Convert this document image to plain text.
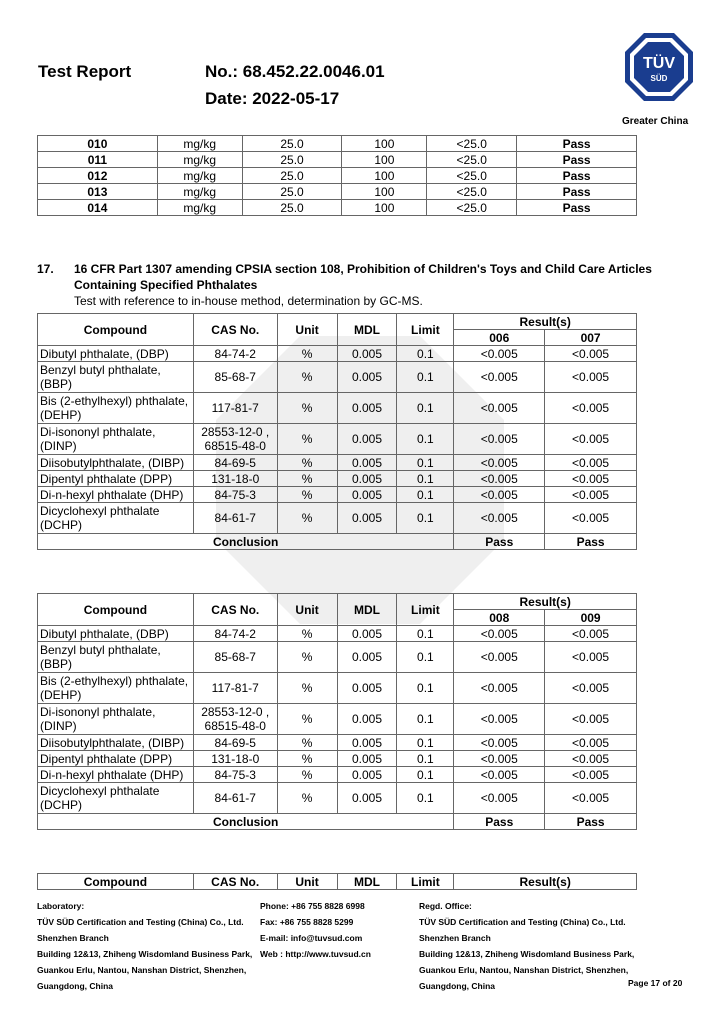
Test Report	No.: 68.452.22.0046.01
Date: 2022-05-17
TÜV
SÜD
Greater China
010	mg/kg	25.0	100	<25.0	Pass
011	mg/kg	25.0	100	<25.0	Pass
012	mg/kg	25.0	100	<25.0	Pass
013	mg/kg	25.0	100	<25.0	Pass
014	mg/kg	25.0	100	<25.0	Pass
17. 16 CFR Part 1307 amending CPSIA section 108, Prohibition of Children's Toys and Child Care Articles
Containing Specified Phthalates
Test with reference to in-house method, determination by GC-MS.
Compound	CAS No.	Unit	MDL	Limit	Result(s)	
					006	007
Dibutyl phthalate, (DBP)	84-74-2	%	0.005	0.1	<0.005	<0.005
Benzyl butyl phthalate,
(BBP)	85-68-7	%	0.005	0.1	<0.005	<0.005
Bis (2-ethylhexyl) phthalate,
(DEHP)	117-81-7	%	0.005	0.1	<0.005	<0.005
Di-isononyl phthalate,
(DINP)	28553-12-0 ,
68515-48-0	%	0.005	0.1	<0.005	<0.005
Diisobutylphthalate, (DIBP)	84-69-5	%	0.005	0.1	<0.005	<0.005
Dipentyl phthalate (DPP)	131-18-0	%	0.005	0.1	<0.005	<0.005
Di-n-hexyl phthalate (DHP)	84-75-3	%	0.005	0.1	<0.005	<0.005
Dicyclohexyl phthalate
(DCHP)	84-61-7	%	0.005	0.1	<0.005	<0.005
Conclusion					Pass	Pass
Compound	CAS No.	Unit	MDL	Limit	Result(s)	
					008	009
Dibutyl phthalate, (DBP)	84-74-2	%	0.005	0.1	<0.005	<0.005
Benzyl butyl phthalate,
(BBP)	85-68-7	%	0.005	0.1	<0.005	<0.005
Bis (2-ethylhexyl) phthalate,
(DEHP)	117-81-7	%	0.005	0.1	<0.005	<0.005
Di-isononyl phthalate,
(DINP)	28553-12-0 ,
68515-48-0	%	0.005	0.1	<0.005	<0.005
Diisobutylphthalate, (DIBP)	84-69-5	%	0.005	0.1	<0.005	<0.005
Dipentyl phthalate (DPP)	131-18-0	%	0.005	0.1	<0.005	<0.005
Di-n-hexyl phthalate (DHP)	84-75-3	%	0.005	0.1	<0.005	<0.005
Dicyclohexyl phthalate
(DCHP)	84-61-7	%	0.005	0.1	<0.005	<0.005
Conclusion					Pass	Pass
Compound	CAS No.	Unit	MDL	Limit	Result(s)
Laboratory:
TÜV SÜD Certification and Testing (China) Co., Ltd.
Shenzhen Branch
Building 12&13, Zhiheng Wisdomland Business Park,
Guankou Erlu, Nantou, Nanshan District, Shenzhen,
Guangdong, China
Phone: +86 755 8828 6998
Fax: +86 755 8828 5299
E-mail: info@tuvsud.com
Web : http://www.tuvsud.cn
Regd. Office:
TÜV SÜD Certification and Testing (China) Co., Ltd.
Shenzhen Branch
Building 12&13, Zhiheng Wisdomland Business Park,
Guankou Erlu, Nantou, Nanshan District, Shenzhen,
Guangdong, China	Page 17 of 20
